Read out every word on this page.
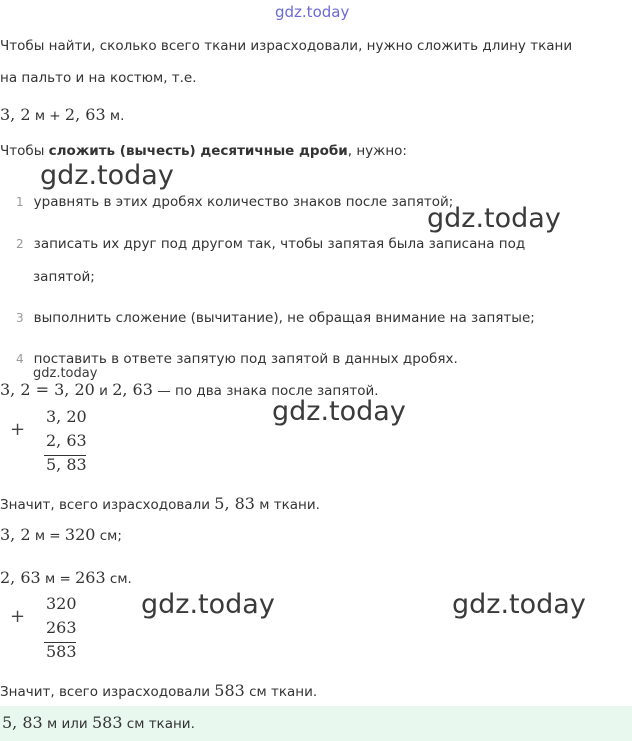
gdz.today
Чтобы найти, сколько всего ткани израсходовали, нужно сложить длину ткани
на пальто и на костюм, т.е.
3, 2 м + 2, 63 м.
Чтобы сложить (вычесть) десятичные дроби, нужно:
gdz.today
1 уравнять в этих дробях количество знаков после запятой;
gdz.today
2 записать их друг под другом так, чтобы запятая была записана под
запятой;
3 выполнить сложение (вычитание), не обращая внимание на запятые;
4 поставить в ответе запятую под запятой в данных дробях.
gdz.today
3, 2 = 3, 20 и 2, 63 — по два знака после запятой.
gdz.today
+
3, 20
2, 63
5, 83
Значит, всего израсходовали 5, 83 м ткани.
3, 2 м = 320 см;
2, 63 м = 263 см.
+
320
263
583
gdz.today	gdz.today
Значит, всего израсходовали 583 см ткани.
5, 83 м или 583 см ткани.
